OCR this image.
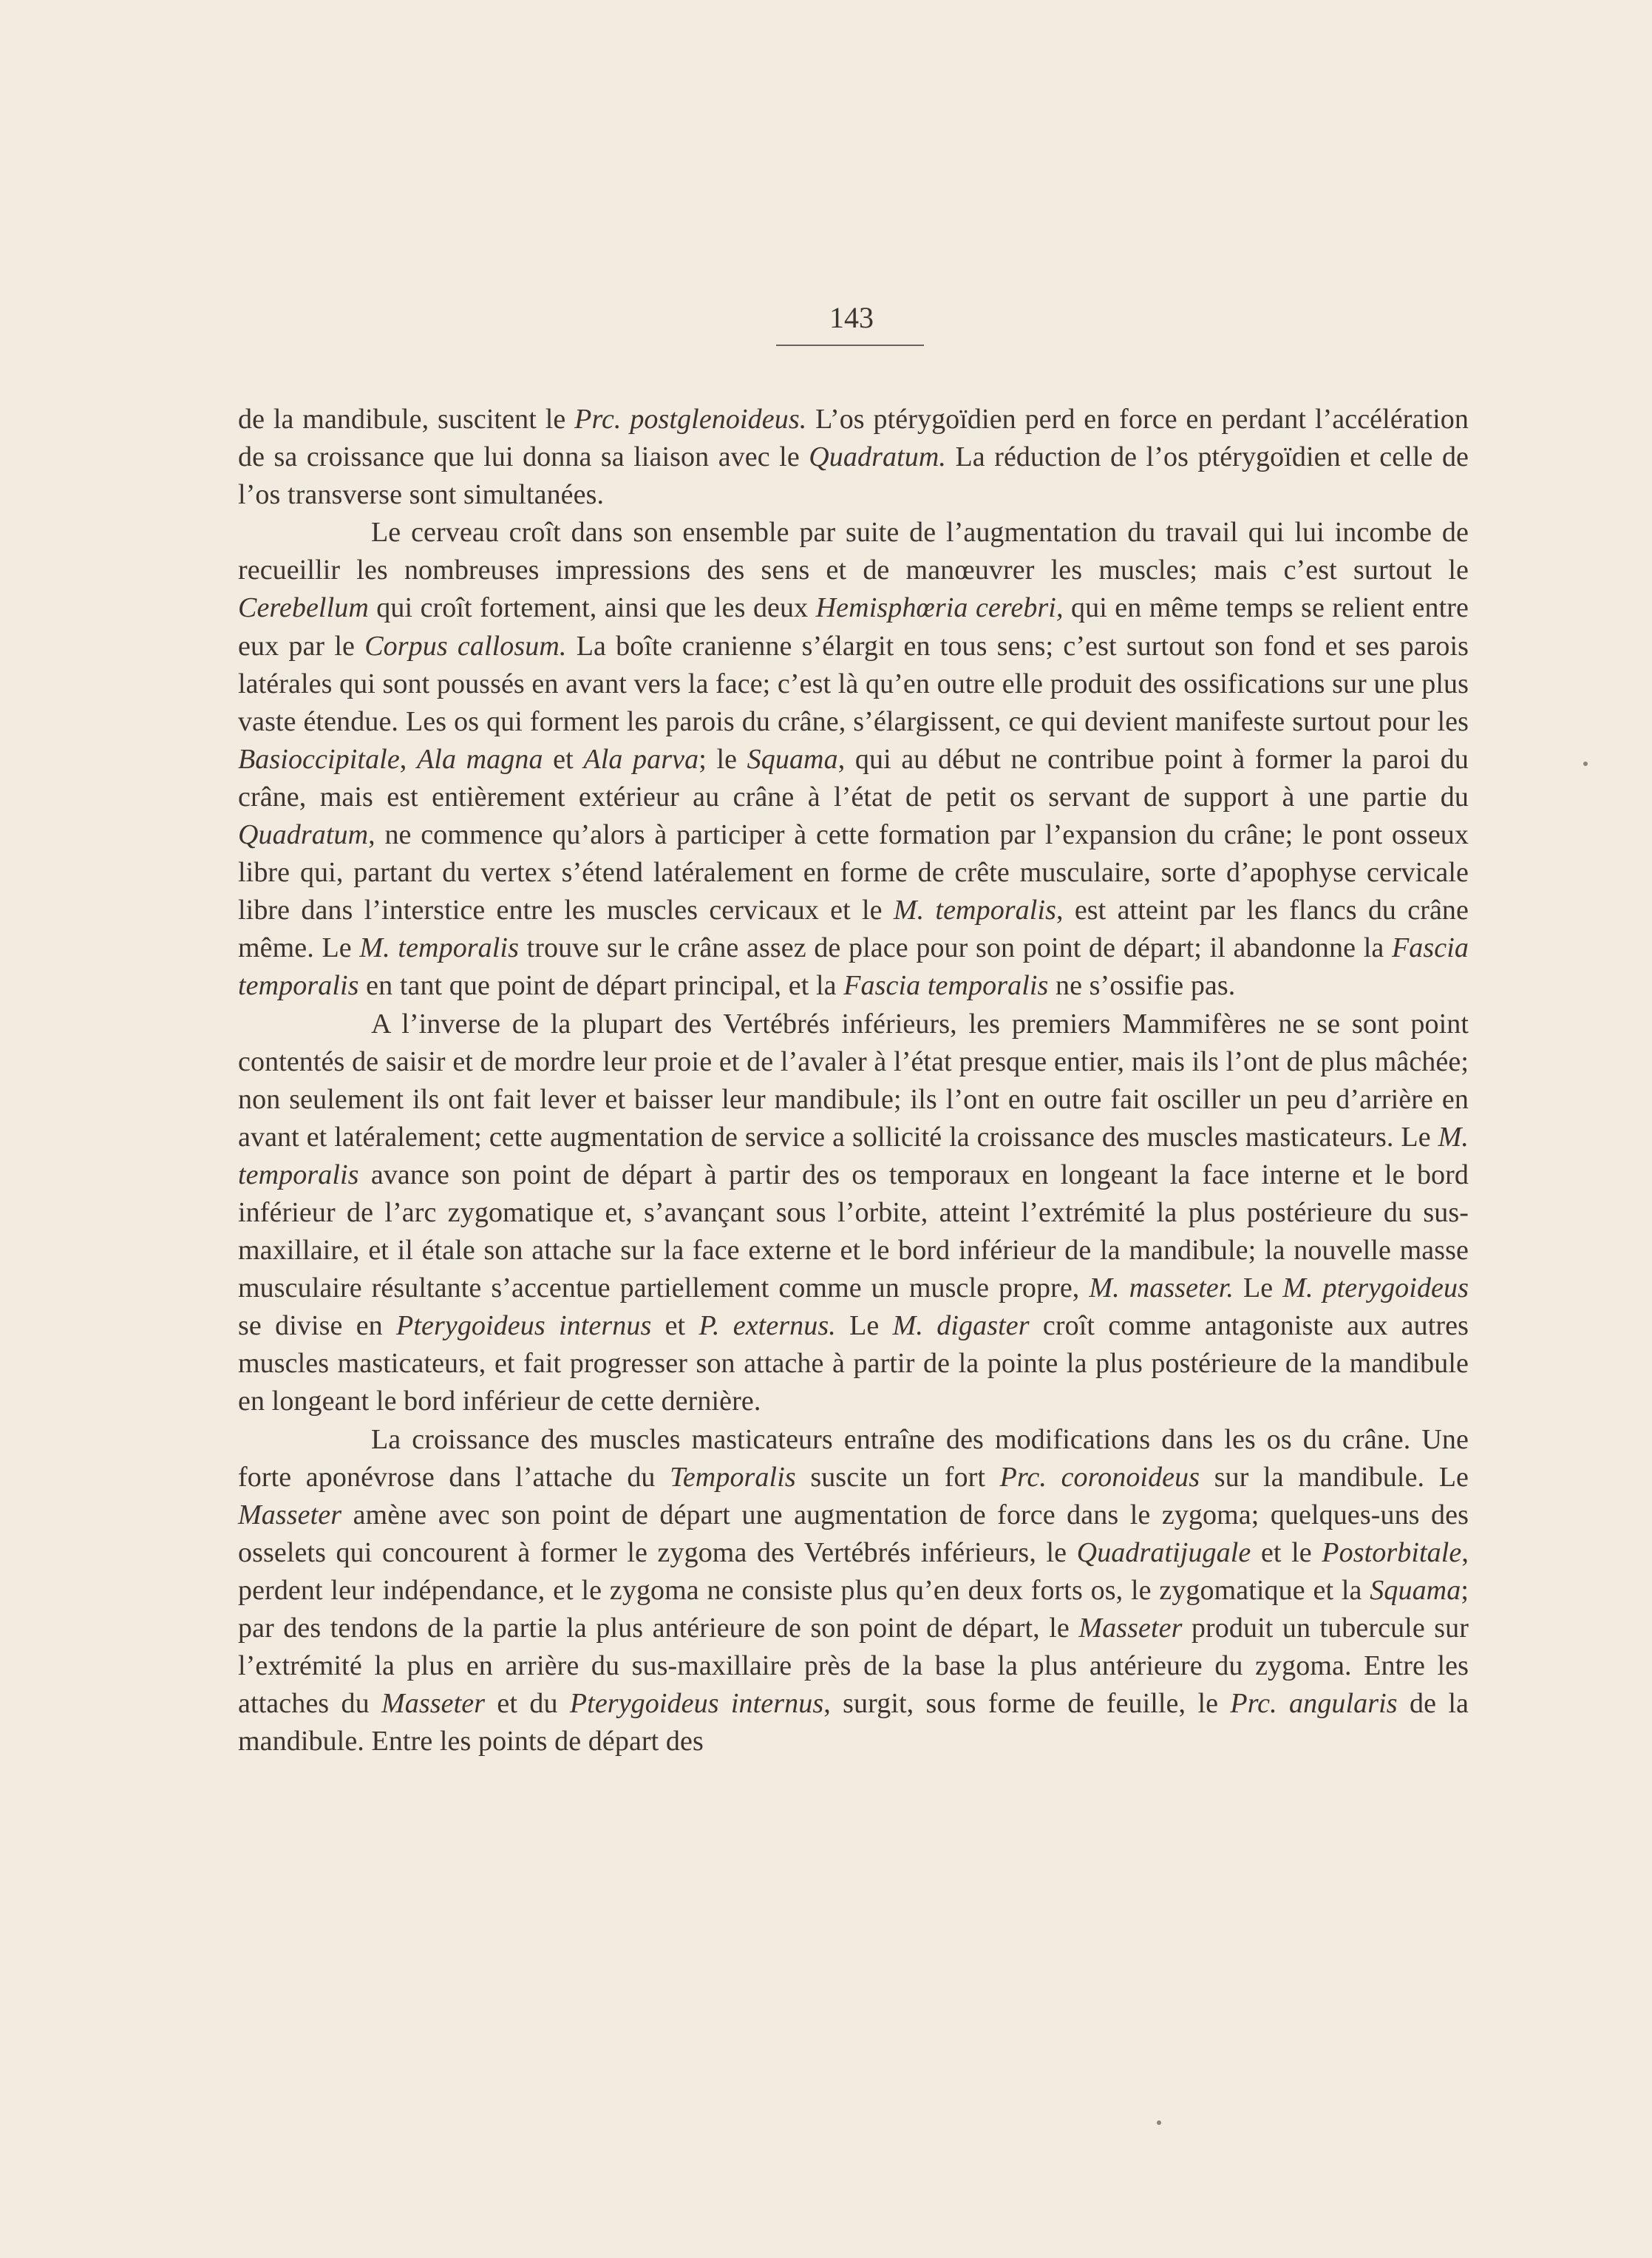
143

de la mandibule, suscitent le Prc. postglenoideus. L’os ptérygoïdien perd en force en perdant l’accélération de sa croissance que lui donna sa liaison avec le Quadratum. La réduction de l’os ptérygoïdien et celle de l’os transverse sont simultanées.

Le cerveau croît dans son ensemble par suite de l’augmentation du travail qui lui incombe de recueillir les nombreuses impressions des sens et de manœuvrer les muscles; mais c’est surtout le Cerebellum qui croît fortement, ainsi que les deux Hemisphœria cerebri, qui en même temps se relient entre eux par le Corpus callosum. La boîte cranienne s’élargit en tous sens; c’est surtout son fond et ses parois latérales qui sont poussés en avant vers la face; c’est là qu’en outre elle produit des ossifications sur une plus vaste étendue. Les os qui forment les parois du crâne, s’élargissent, ce qui devient manifeste surtout pour les Basioccipitale, Ala magna et Ala parva; le Squama, qui au début ne contribue point à former la paroi du crâne, mais est entièrement extérieur au crâne à l’état de petit os servant de support à une partie du Quadratum, ne commence qu’alors à participer à cette formation par l’expansion du crâne; le pont osseux libre qui, partant du vertex s’étend latéralement en forme de crête musculaire, sorte d’apophyse cervicale libre dans l’interstice entre les muscles cervicaux et le M. temporalis, est atteint par les flancs du crâne même. Le M. temporalis trouve sur le crâne assez de place pour son point de départ; il abandonne la Fascia temporalis en tant que point de départ principal, et la Fascia temporalis ne s’ossifie pas.

A l’inverse de la plupart des Vertébrés inférieurs, les premiers Mammifères ne se sont point contentés de saisir et de mordre leur proie et de l’avaler à l’état presque entier, mais ils l’ont de plus mâchée; non seulement ils ont fait lever et baisser leur mandibule; ils l’ont en outre fait osciller un peu d’arrière en avant et latéralement; cette augmentation de service a sollicité la croissance des muscles masticateurs. Le M. temporalis avance son point de départ à partir des os temporaux en longeant la face interne et le bord inférieur de l’arc zygomatique et, s’avançant sous l’orbite, atteint l’extrémité la plus postérieure du sus-maxillaire, et il étale son attache sur la face externe et le bord inférieur de la mandibule; la nouvelle masse musculaire résultante s’accentue partiellement comme un muscle propre, M. masseter. Le M. pterygoideus se divise en Pterygoideus internus et P. externus. Le M. digaster croît comme antagoniste aux autres muscles masticateurs, et fait progresser son attache à partir de la pointe la plus postérieure de la mandibule en longeant le bord inférieur de cette dernière.

La croissance des muscles masticateurs entraîne des modifications dans les os du crâne. Une forte aponévrose dans l’attache du Temporalis suscite un fort Prc. coronoideus sur la mandibule. Le Masseter amène avec son point de départ une augmentation de force dans le zygoma; quelques-uns des osselets qui concourent à former le zygoma des Vertébrés inférieurs, le Quadratijugale et le Postorbitale, perdent leur indépendance, et le zygoma ne consiste plus qu’en deux forts os, le zygomatique et la Squama; par des tendons de la partie la plus antérieure de son point de départ, le Masseter produit un tubercule sur l’extrémité la plus en arrière du sus-maxillaire près de la base la plus antérieure du zygoma. Entre les attaches du Masseter et du Pterygoideus internus, surgit, sous forme de feuille, le Prc. angularis de la mandibule. Entre les points de départ des
